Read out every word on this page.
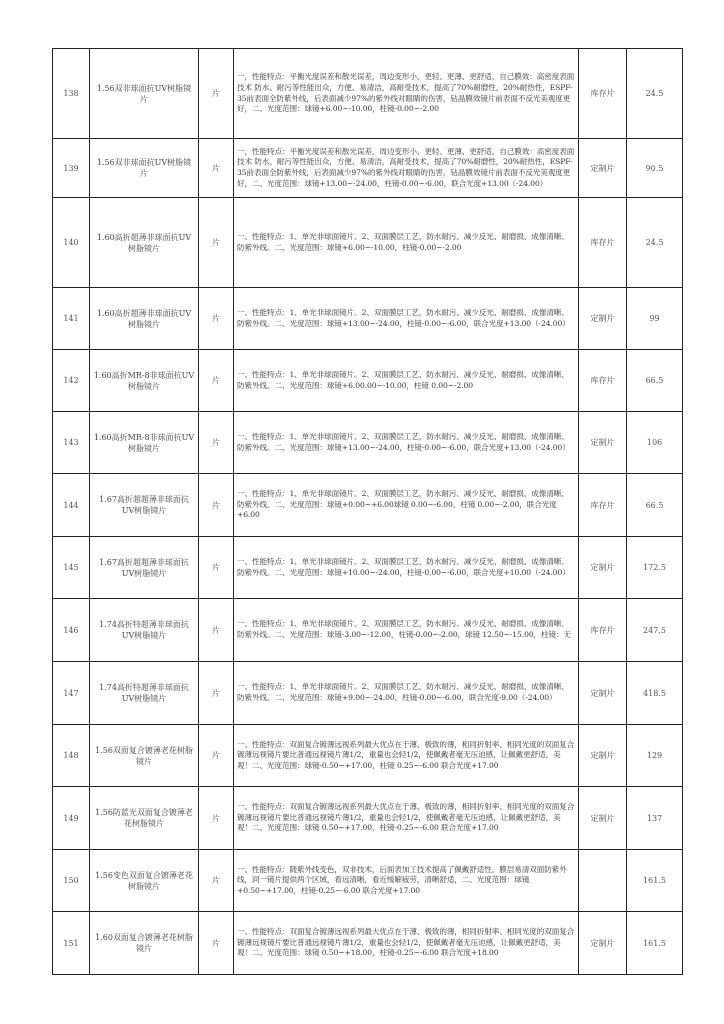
138	1.56双非球面抗UV树脂镜片	片	一，性能特点：平衡光度误差和散光误差，周边变形小、更轻、更薄、更舒适，自己膜效：高密度表面技术 防水、耐污等性能出众，方便、易清洁，高耐受技术，提高了70%耐磨性，20%耐热性，ESPF-35前表面全防紫外线，后表面减少97%的紫外线对眼睛的伤害，钻晶膜效镜片前表面不反光美观度更好，二、光度范围：球镜+6.00~-10.00，柱镜-0.00~-2.00	库存片	24.5
139	1.56双非球面抗UV树脂镜片	片	一，性能特点：平衡光度误差和散光误差，周边变形小、更轻、更薄、更舒适，自己膜效：高密度表面技术 防水、耐污等性能出众，方便、易清洁，高耐受技术，提高了70%耐磨性，20%耐热性，ESPF-35前表面全防紫外线，后表面减少97%的紫外线对眼睛的伤害，钻晶膜效镜片前表面不反光美观度更好，二、光度范围：球镜+13.00~-24.00，柱镜-0.00~-6.00，联合光度+13.00（-24.00）	定制片	90.5
140	1.60高折超薄非球面抗UV树脂镜片	片	一、性能特点：1、单光非球面镜片。2、双面膜层工艺，防水耐污、减少反光、耐磨损、成像清晰、防紫外线。二、光度范围：球镜+6.00~-10.00，柱镜-0.00~-2.00	库存片	24.5
141	1.60高折超薄非球面抗UV树脂镜片	片	一、性能特点：1、单光非球面镜片。2、双面膜层工艺，防水耐污、减少反光、耐磨损、成像清晰、防紫外线。二、光度范围：球镜+13.00~-24.00，柱镜-0.00~-6.00，联合光度+13.00（-24.00）	定制片	99
142	1.60高折MR-8非球面抗UV树脂镜片	片	一、性能特点：1、单光非球面镜片。2、双面膜层工艺，防水耐污、减少反光、耐磨损、成像清晰、防紫外线。二、光度范围：球镜+6.00.00~-10.00，柱镜 0.00~-2.00	库存片	66.5
143	1.60高折MR-8非球面抗UV树脂镜片	片	一、性能特点：1、单光非球面镜片。2、双面膜层工艺，防水耐污、减少反光、耐磨损、成像清晰、防紫外线。二、光度范围：球镜+13.00~-24.00，柱镜-0.00~-6.00，联合光度+13.00（-24.00）	定制片	106
144	1.67高折超超薄非球面抗UV树脂镜片	片	一、性能特点：1、单光非球面镜片。2、双面膜层工艺，防水耐污、减少反光、耐磨损、成像清晰、防紫外线。二、光度范围：球镜+0.00~+6.00球镜 0.00~-6.00，柱镜 0.00~-2.00，联合光度+6.00	库存片	66.5
145	1.67高折超超薄非球面抗UV树脂镜片	片	一、性能特点：1、单光非球面镜片。2、双面膜层工艺，防水耐污、减少反光、耐磨损、成像清晰、防紫外线。二、光度范围：球镜+10.00~-24.00，柱镜-0.00~-6.00，联合光度+10.00（-24.00）	定制片	172.5
146	1.74高折特超薄非球面抗UV树脂镜片	片	一、性能特点：1、单光非球面镜片。2、双面膜层工艺，防水耐污、减少反光、耐磨损、成像清晰、防紫外线。二、光度范围：球镜-3.00~-12.00，柱镜-0.00~-2.00，球镜 12.50~-15.00，柱镜：无	库存片	247.5
147	1.74高折特超薄非球面抗UV树脂镜片	片	一、性能特点：1、单光非球面镜片。2、双面膜层工艺，防水耐污、减少反光、耐磨损、成像清晰、防紫外线。二、光度范围：球镜+9.00~-24.00，柱镜-0.00~-6.00，联合光度-9.00（-24.00）	定制片	418.5
148	1.56双面复合镀薄老花树脂镜片	片	一、性能特点：双面复合镀薄远视系列最大优点在于薄、极致的薄，相同折射率、相同光度的双面复合镀薄远视镜片要比普通远视镜片薄1/2，重量也会轻1/2，使佩戴者毫无压迫感，让佩戴更舒适，美观！二、光度范围：球镜-0.50~+17.00，柱镜 0.25~-6.00 联合光度+17.00	定制片	129
149	1.56防蓝光双面复合镀薄老花树脂镜片	片	一、性能特点：双面复合镀薄远视系列最大优点在于薄、极致的薄，相同折射率、相同光度的双面复合镀薄远视镜片要比普通远视镜片薄1/2，重量也会轻1/2，使佩戴者毫无压迫感，让佩戴更舒适，美观！二、光度范围：球镜 0.50~+17.00，柱镜-0.25~-6.00 联合光度+17.00	定制片	137
150	1.56变色双面复合镀薄老花树脂镜片	片	一、性能特点：随紫外线变色，双非技术，后面表加工技术提高了佩戴舒适性，膜层易清双面防紫外线，同一镜片提供两个区域，看远清晰，看近缓解疲劳，清晰舒适，二、光度范围：球镜+0.50~+17.00，柱镜-0.25~-6.00 联合光度+17.00		161.5
151	1.60双面复合镀薄老花树脂镜片	片	一、性能特点：双面复合镀薄远视系列最大优点在于薄、极致的薄，相同折射率、相同光度的双面复合镀薄远视镜片要比普通远视镜片薄1/2，重量也会轻1/2，使佩戴者毫无压迫感，让佩戴更舒适，美观！二、光度范围：球镜 0.50~+18.00，柱镜-0.25~-6.00 联合光度+18.00	定制片	161.5
